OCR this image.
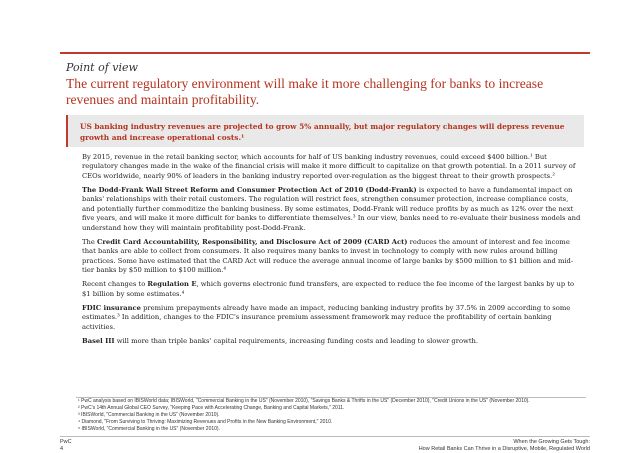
Point of view
The current regulatory environment will make it more challenging for banks to increase revenues and maintain profitability.
US banking industry revenues are projected to grow 5% annually, but major regulatory changes will depress revenue growth and increase operational costs.¹

By 2015, revenue in the retail banking sector, which accounts for half of US banking industry revenues, could exceed $400 billion.¹ But regulatory changes made in the wake of the financial crisis will make it more difficult to capitalize on that growth potential. In a 2011 survey of CEOs worldwide, nearly 90% of leaders in the banking industry reported over-regulation as the biggest threat to their growth prospects.²

The Dodd-Frank Wall Street Reform and Consumer Protection Act of 2010 (Dodd-Frank) is expected to have a fundamental impact on banks' relationships with their retail customers. The regulation will restrict fees, strengthen consumer protection, increase compliance costs, and potentially further commoditize the banking business. By some estimates, Dodd-Frank will reduce profits by as much as 12% over the next five years, and will make it more difficult for banks to differentiate themselves.³ In our view, banks need to re-evaluate their business models and understand how they will maintain profitability post-Dodd-Frank.

The Credit Card Accountability, Responsibility, and Disclosure Act of 2009 (CARD Act) reduces the amount of interest and fee income that banks are able to collect from consumers. It also requires many banks to invest in technology to comply with new rules around billing practices. Some have estimated that the CARD Act will reduce the average annual income of large banks by $500 million to $1 billion and mid-tier banks by $50 million to $100 million.⁴

Recent changes to Regulation E, which governs electronic fund transfers, are expected to reduce the fee income of the largest banks by up to $1 billion by some estimates.⁴

FDIC insurance premium prepayments already have made an impact, reducing banking industry profits by 37.5% in 2009 according to some estimates.³ In addition, changes to the FDIC's insurance premium assessment framework may reduce the profitability of certain banking activities.

Basel III will more than triple banks' capital requirements, increasing funding costs and leading to slower growth.

¹ PwC analysis based on IBISWorld data; IBISWorld, "Commercial Banking in the US" (November 2010), "Savings Banks & Thrifts in the US" (December 2010), "Credit Unions in the US" (November 2010).
² PwC's 14th Annual Global CEO Survey, "Keeping Pace with Accelerating Change, Banking and Capital Markets," 2011.
³ IBISWorld, "Commercial Banking in the US" (November 2010).
⁴ Diamond, "From Surviving to Thriving: Maximizing Revenues and Profits in the New Banking Environment," 2010.
⁵ IBISWorld, "Commercial Banking in the US" (November 2010).
PwC
4
When the Growing Gets Tough:
How Retail Banks Can Thrive in a Disruptive, Mobile, Regulated World
